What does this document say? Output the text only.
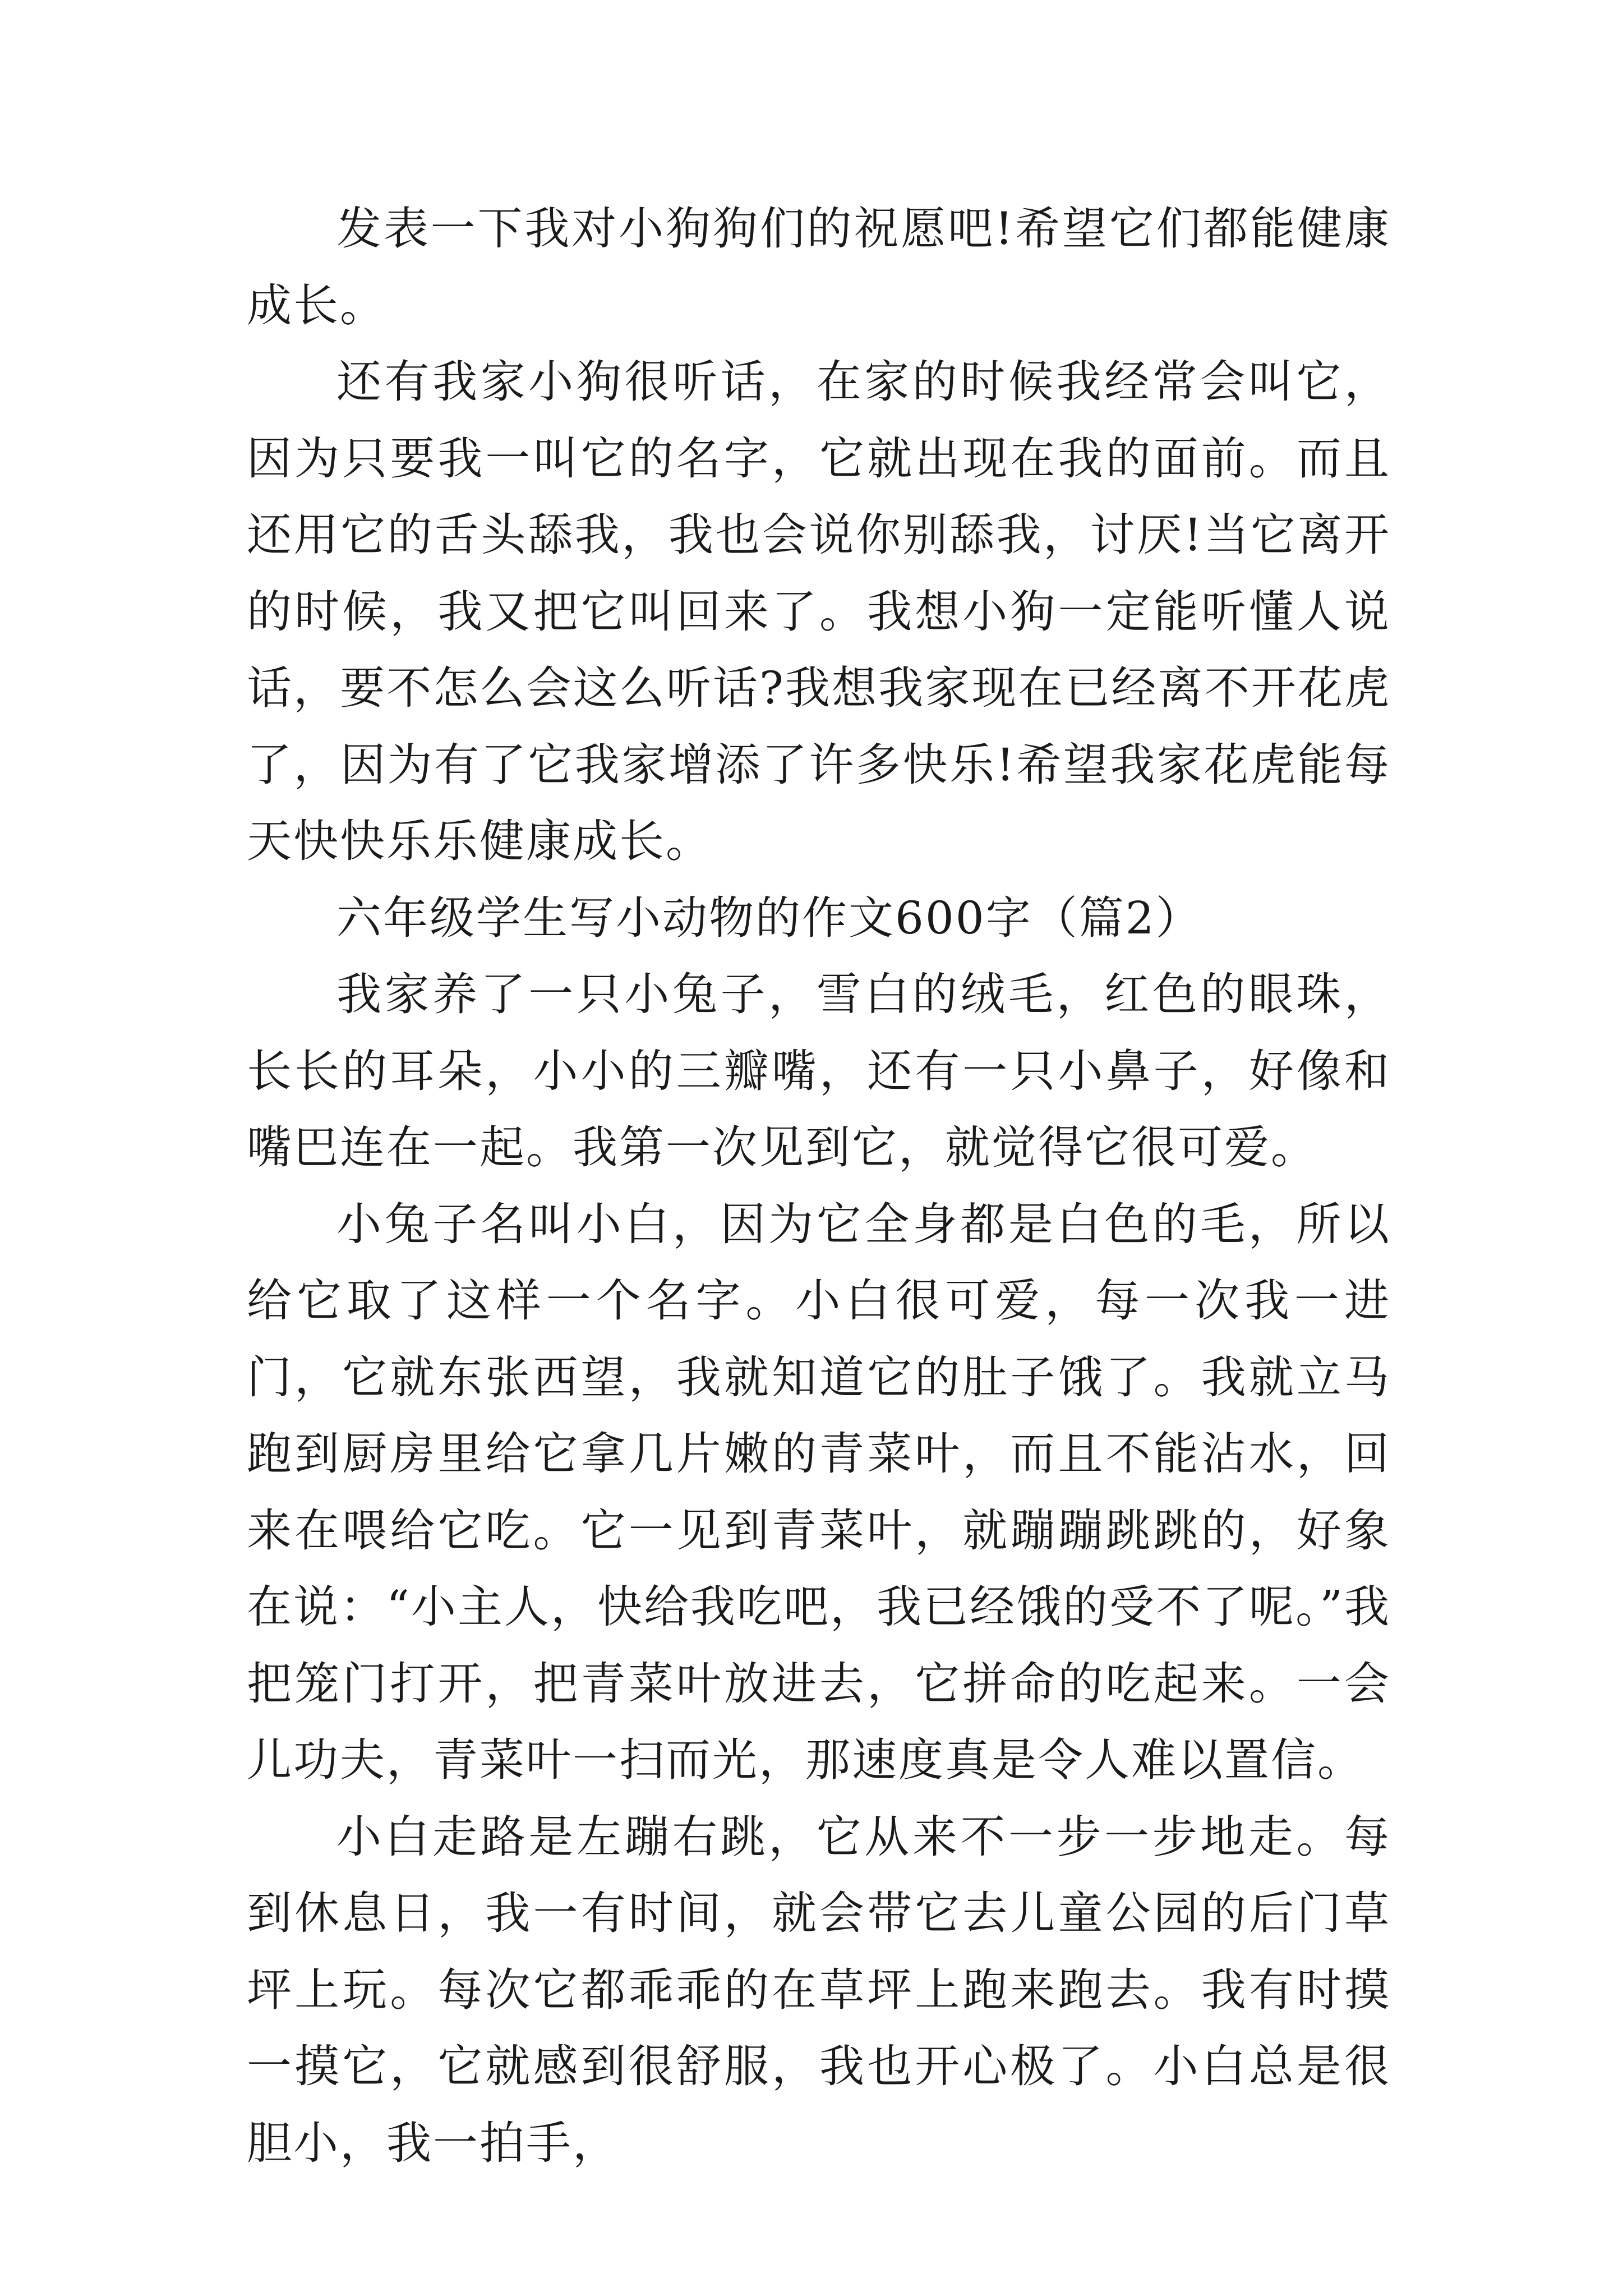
发表一下我对小狗狗们的祝愿吧!希望它们都能健康成长。

还有我家小狗很听话，在家的时候我经常会叫它，因为只要我一叫它的名字，它就出现在我的面前。而且还用它的舌头舔我，我也会说你别舔我，讨厌!当它离开的时候，我又把它叫回来了。我想小狗一定能听懂人说话，要不怎么会这么听话?我想我家现在已经离不开花虎了，因为有了它我家增添了许多快乐!希望我家花虎能每天快快乐乐健康成长。

六年级学生写小动物的作文600字（篇2）

我家养了一只小兔子，雪白的绒毛，红色的眼珠，长长的耳朵，小小的三瓣嘴，还有一只小鼻子，好像和嘴巴连在一起。我第一次见到它，就觉得它很可爱。

小兔子名叫小白，因为它全身都是白色的毛，所以给它取了这样一个名字。小白很可爱，每一次我一进门，它就东张西望，我就知道它的肚子饿了。我就立马跑到厨房里给它拿几片嫩的青菜叶，而且不能沾水，回来在喂给它吃。它一见到青菜叶，就蹦蹦跳跳的，好象在说：“小主人，快给我吃吧，我已经饿的受不了呢。”我把笼门打开，把青菜叶放进去，它拼命的吃起来。一会儿功夫，青菜叶一扫而光，那速度真是令人难以置信。

小白走路是左蹦右跳，它从来不一步一步地走。每到休息日，我一有时间，就会带它去儿童公园的后门草坪上玩。每次它都乖乖的在草坪上跑来跑去。我有时摸一摸它，它就感到很舒服，我也开心极了。小白总是很胆小，我一拍手，
